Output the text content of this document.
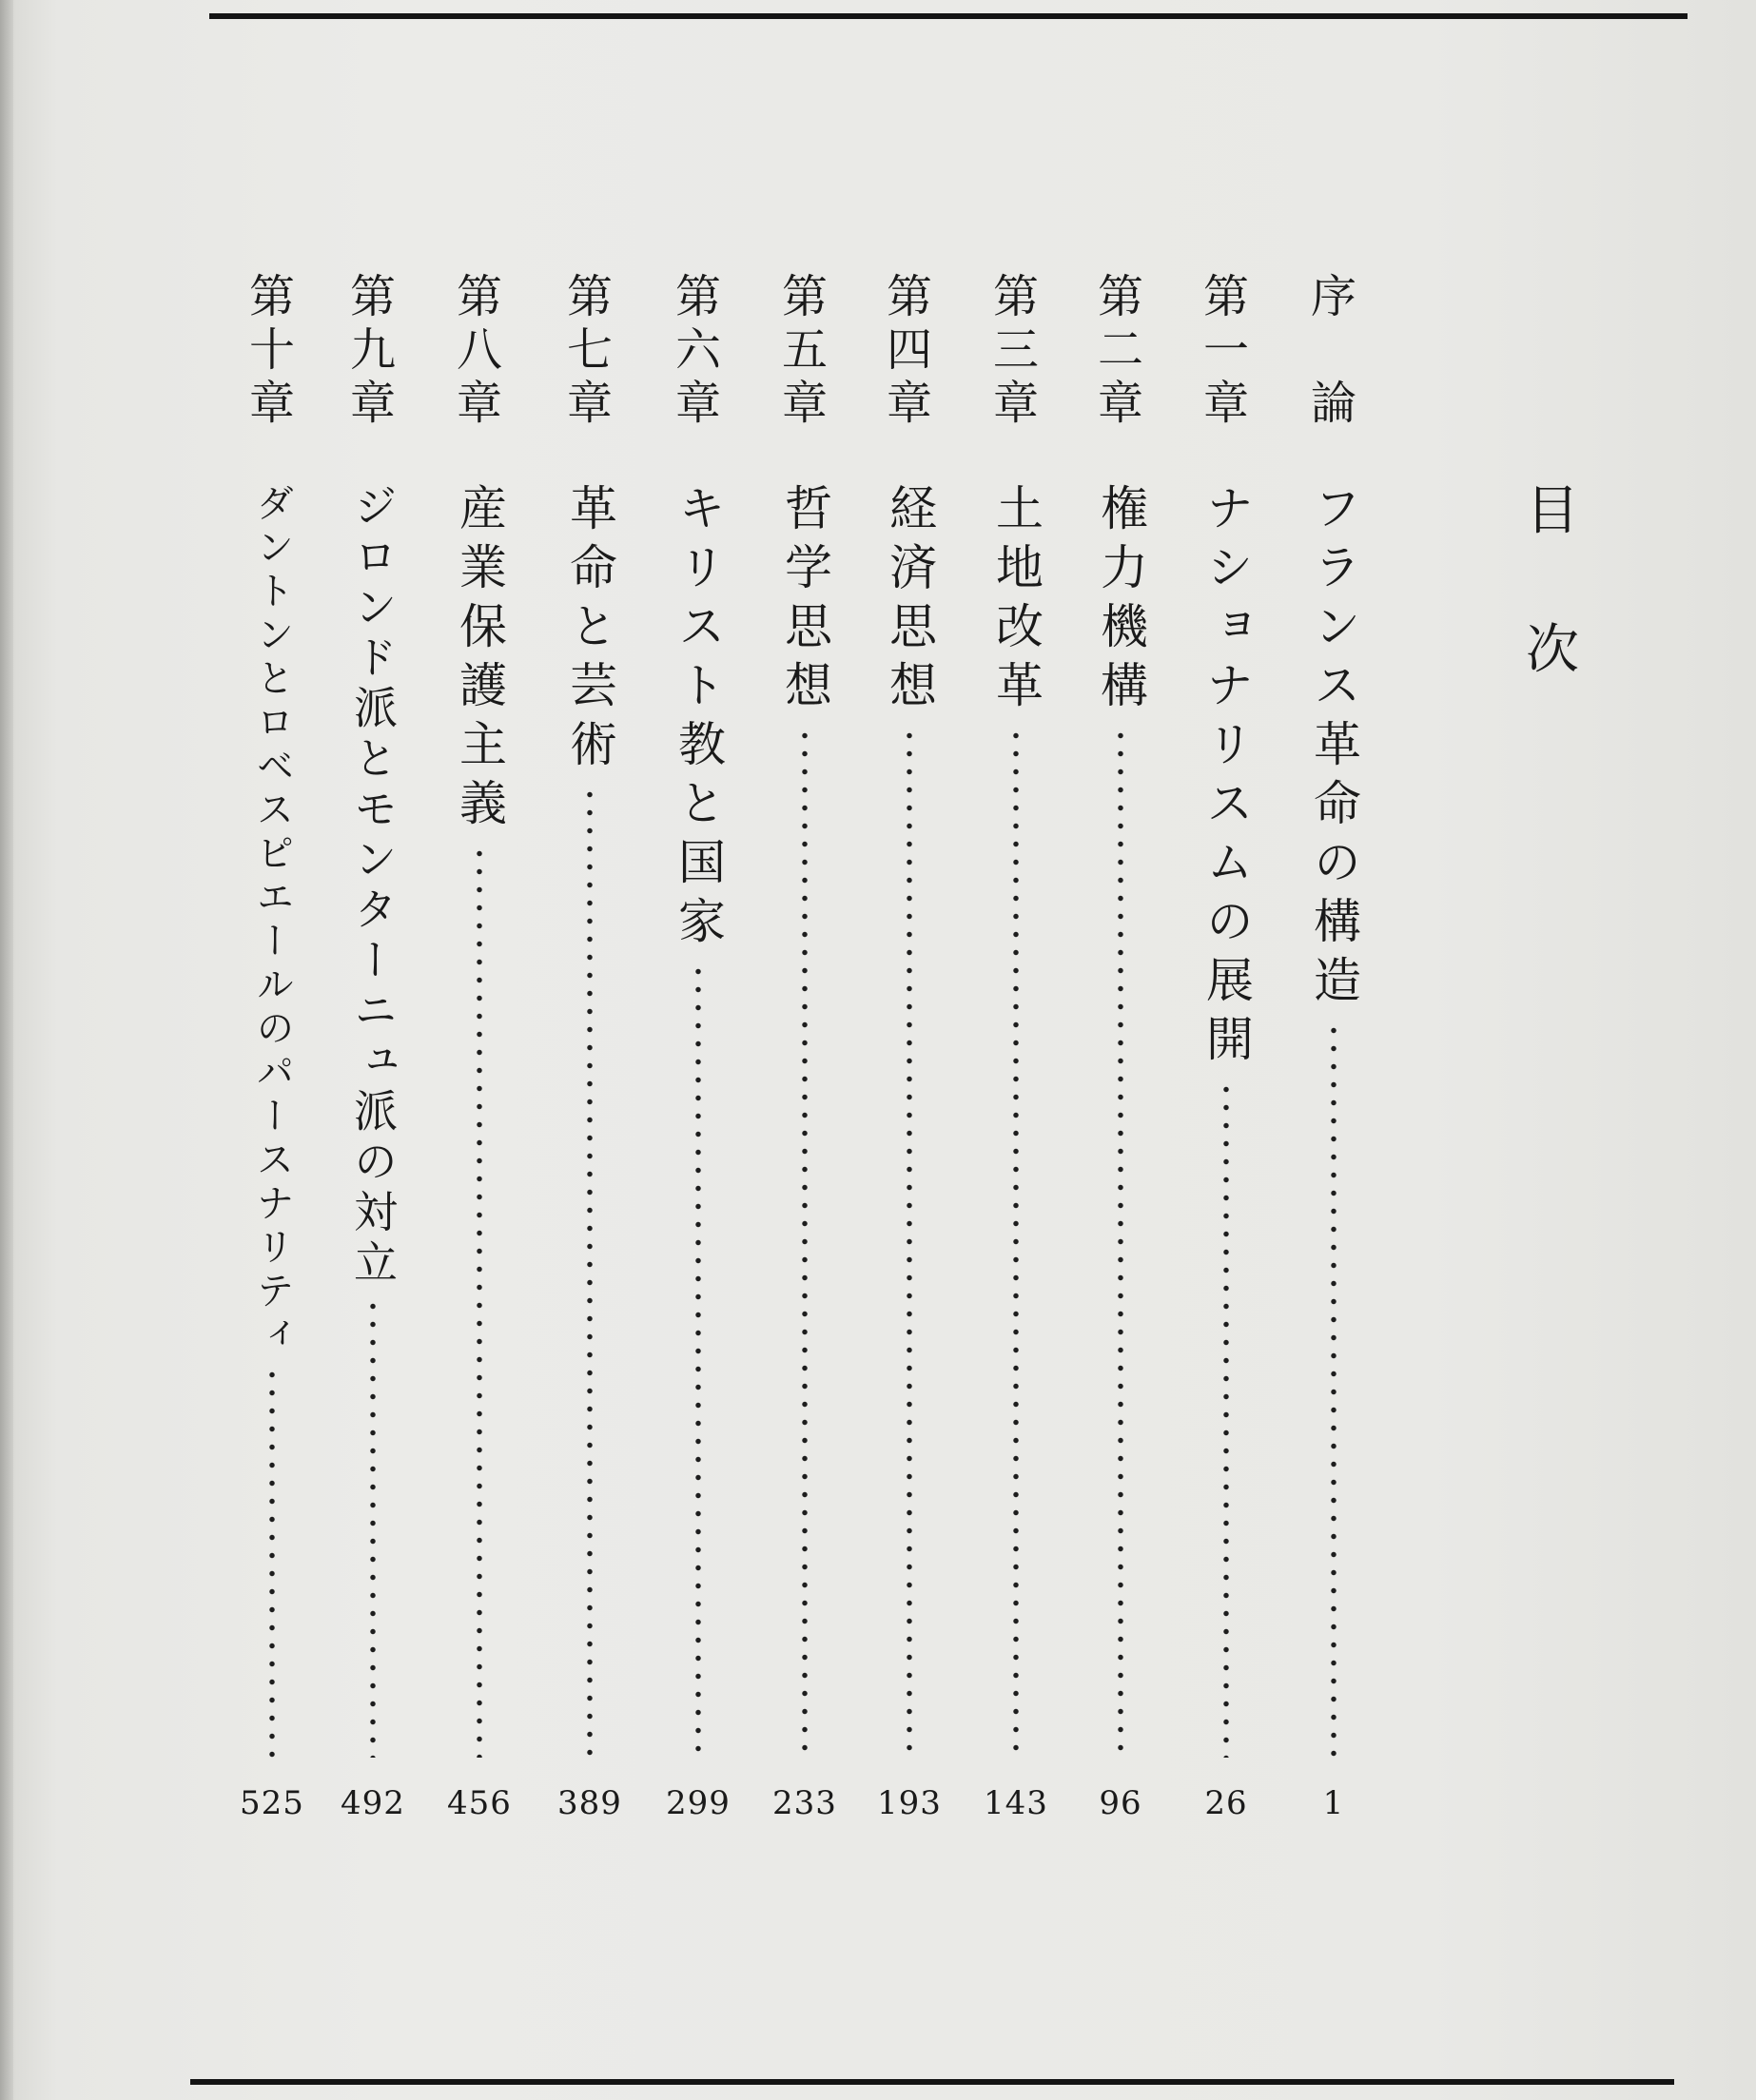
目
次
序
論
フランス革命の構造
1
第
一
章
ナショナリスムの展開
26
第
二
章
権力機構
96
第
三
章
土地改革
143
第
四
章
経済思想
193
第
五
章
哲学思想
233
第
六
章
キリスト教と国家
299
第
七
章
革命と芸術
389
第
八
章
産業保護主義
456
第
九
章
ジロンド派とモンターニュ派の対立
492
第
十
章
ダントンとロベスピエールのパースナリティ
525
